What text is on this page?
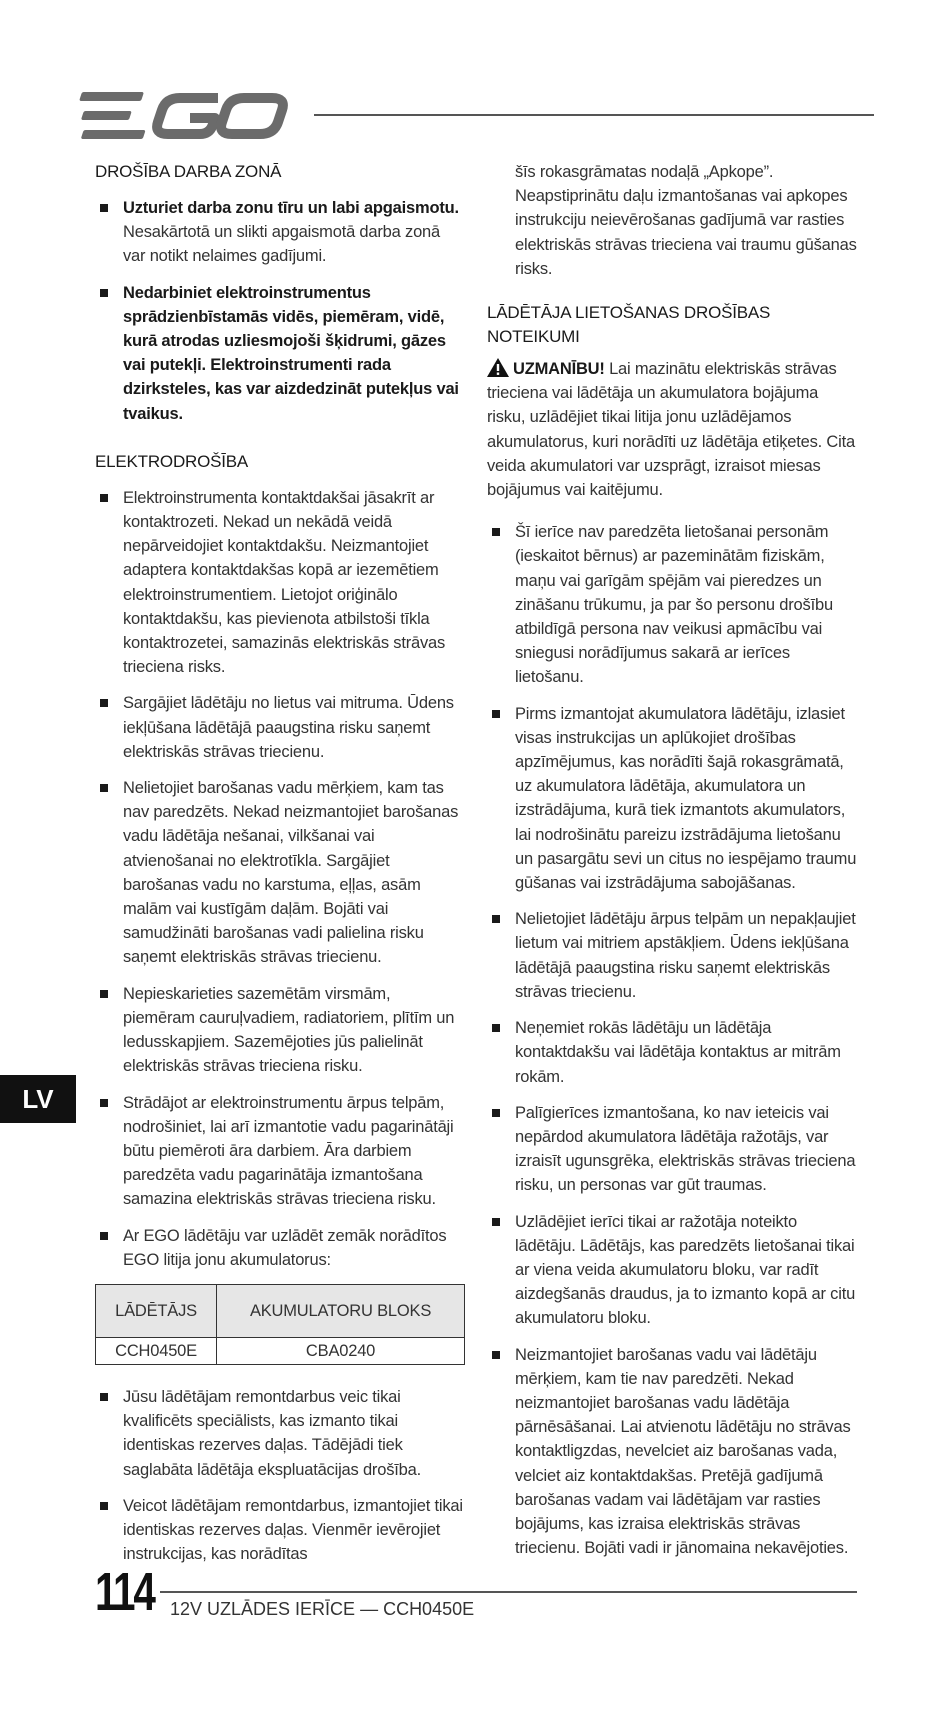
DROŠĪBA DARBA ZONĀ
Uzturiet darba zonu tīru un labi apgaismotu. Nesakārtotā un slikti apgaismotā darba zonā var notikt nelaimes gadījumi.
Nedarbiniet elektroinstrumentus sprādzienbīstamās vidēs, piemēram, vidē, kurā atrodas uzliesmojoši šķidrumi, gāzes vai putekļi. Elektroinstrumenti rada dzirksteles, kas var aizdedzināt putekļus vai tvaikus.
ELEKTRODROŠĪBA
Elektroinstrumenta kontaktdakšai jāsakrīt ar kontaktrozeti. Nekad un nekādā veidā nepārveidojiet kontaktdakšu. Neizmantojiet adaptera kontaktdakšas kopā ar iezemētiem elektroinstrumentiem. Lietojot oriģinālo kontaktdakšu, kas pievienota atbilstoši tīkla kontaktrozetei, samazinās elektriskās strāvas trieciena risks.
Sargājiet lādētāju no lietus vai mitruma. Ūdens iekļūšana lādētājā paaugstina risku saņemt elektriskās strāvas triecienu.
Nelietojiet barošanas vadu mērķiem, kam tas nav paredzēts. Nekad neizmantojiet barošanas vadu lādētāja nešanai, vilkšanai vai atvienošanai no elektrotīkla. Sargājiet barošanas vadu no karstuma, eļļas, asām malām vai kustīgām daļām. Bojāti vai samudžināti barošanas vadi palielina risku saņemt elektriskās strāvas triecienu.
Nepieskarieties sazemētām virsmām, piemēram cauruļvadiem, radiatoriem, plītīm un ledusskapjiem. Sazemējoties jūs palielināt elektriskās strāvas trieciena risku.
Strādājot ar elektroinstrumentu ārpus telpām, nodrošiniet, lai arī izmantotie vadu pagarinātāji būtu piemēroti āra darbiem. Āra darbiem paredzēta vadu pagarinātāja izmantošana samazina elektriskās strāvas trieciena risku.
Ar EGO lādētāju var uzlādēt zemāk norādītos EGO litija jonu akumulatorus:
LĀDĒTĀJS	AKUMULATORU BLOKS
CCH0450E	CBA0240
Jūsu lādētājam remontdarbus veic tikai kvalificēts speciālists, kas izmanto tikai identiskas rezerves daļas. Tādējādi tiek saglabāta lādētāja ekspluatācijas drošība.
Veicot lādētājam remontdarbus, izmantojiet tikai identiskas rezerves daļas. Vienmēr ievērojiet instrukcijas, kas norādītas
šīs rokasgrāmatas nodaļā „Apkope”. Neapstiprinātu daļu izmantošanas vai apkopes instrukciju neievērošanas gadījumā var rasties elektriskās strāvas trieciena vai traumu gūšanas risks.
LĀDĒTĀJA LIETOŠANAS DROŠĪBAS NOTEIKUMI

UZMANĪBU! Lai mazinātu elektriskās strāvas trieciena vai lādētāja un akumulatora bojājuma risku, uzlādējiet tikai litija jonu uzlādējamos akumulatorus, kuri norādīti uz lādētāja etiķetes. Cita veida akumulatori var uzsprāgt, izraisot miesas bojājumus vai kaitējumu.

Šī ierīce nav paredzēta lietošanai personām (ieskaitot bērnus) ar pazeminātām fiziskām, maņu vai garīgām spējām vai pieredzes un zināšanu trūkumu, ja par šo personu drošību atbildīgā persona nav veikusi apmācību vai sniegusi norādījumus sakarā ar ierīces lietošanu.
Pirms izmantojat akumulatora lādētāju, izlasiet visas instrukcijas un aplūkojiet drošības apzīmējumus, kas norādīti šajā rokasgrāmatā, uz akumulatora lādētāja, akumulatora un izstrādājuma, kurā tiek izmantots akumulators, lai nodrošinātu pareizu izstrādājuma lietošanu un pasargātu sevi un citus no iespējamo traumu gūšanas vai izstrādājuma sabojāšanas.
Nelietojiet lādētāju ārpus telpām un nepakļaujiet lietum vai mitriem apstākļiem. Ūdens iekļūšana lādētājā paaugstina risku saņemt elektriskās strāvas triecienu.
Neņemiet rokās lādētāju un lādētāja kontaktdakšu vai lādētāja kontaktus ar mitrām rokām.
Palīgierīces izmantošana, ko nav ieteicis vai nepārdod akumulatora lādētāja ražotājs, var izraisīt ugunsgrēka, elektriskās strāvas trieciena risku, un personas var gūt traumas.
Uzlādējiet ierīci tikai ar ražotāja noteikto lādētāju. Lādētājs, kas paredzēts lietošanai tikai ar viena veida akumulatoru bloku, var radīt aizdegšanās draudus, ja to izmanto kopā ar citu akumulatoru bloku.
Neizmantojiet barošanas vadu vai lādētāju mērķiem, kam tie nav paredzēti. Nekad neizmantojiet barošanas vadu lādētāja pārnēsāšanai. Lai atvienotu lādētāju no strāvas kontaktligzdas, nevelciet aiz barošanas vada, velciet aiz kontaktdakšas. Pretējā gadījumā barošanas vadam vai lādētājam var rasties bojājums, kas izraisa elektriskās strāvas triecienu. Bojāti vadi ir jānomaina nekavējoties.
LV
114 12V UZLĀDES IERĪCE — CCH0450E
